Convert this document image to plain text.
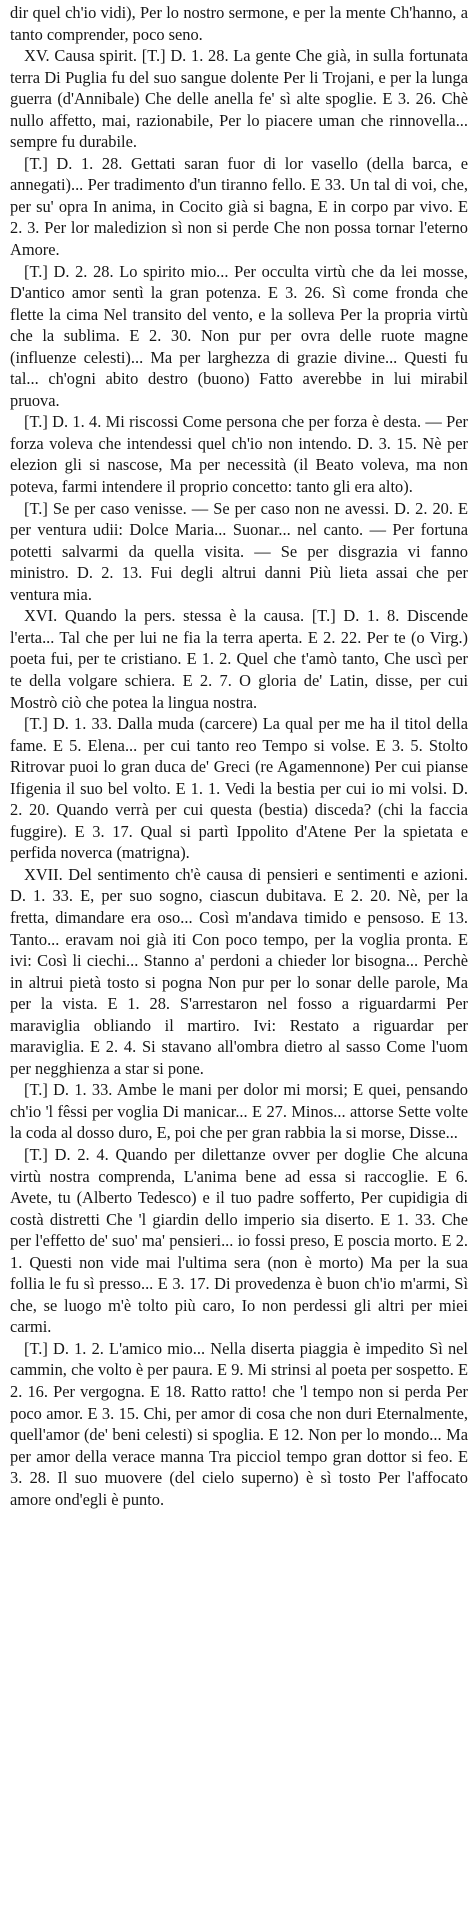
dir quel ch'io vidi), Per lo nostro sermone, e per la mente Ch'hanno, a tanto comprender, poco seno.

XV. Causa spirit. [T.] D. 1. 28. La gente Che già, in sulla fortunata terra Di Puglia fu del suo sangue dolente Per li Trojani, e per la lunga guerra (d'Annibale) Che delle anella fe' sì alte spoglie. E 3. 26. Chè nullo affetto, mai, razionabile, Per lo piacere uman che rinnovella... sempre fu durabile.

[T.] D. 1. 28. Gettati saran fuor di lor vasello (della barca, e annegati)... Per tradimento d'un tiranno fello. E 33. Un tal di voi, che, per su' opra In anima, in Cocito già si bagna, E in corpo par vivo. E 2. 3. Per lor maledizion sì non si perde Che non possa tornar l'eterno Amore.

[T.] D. 2. 28. Lo spirito mio... Per occulta virtù che da lei mosse, D'antico amor sentì la gran potenza. E 3. 26. Sì come fronda che flette la cima Nel transito del vento, e la solleva Per la propria virtù che la sublima. E 2. 30. Non pur per ovra delle ruote magne (influenze celesti)... Ma per larghezza di grazie divine... Questi fu tal... ch'ogni abito destro (buono) Fatto averebbe in lui mirabil pruova.

[T.] D. 1. 4. Mi riscossi Come persona che per forza è desta. — Per forza voleva che intendessi quel ch'io non intendo. D. 3. 15. Nè per elezion gli si nascose, Ma per necessità (il Beato voleva, ma non poteva, farmi intendere il proprio concetto: tanto gli era alto).

[T.] Se per caso venisse. — Se per caso non ne avessi. D. 2. 20. E per ventura udii: Dolce Maria... Suonar... nel canto. — Per fortuna potetti salvarmi da quella visita. — Se per disgrazia vi fanno ministro. D. 2. 13. Fui degli altrui danni Più lieta assai che per ventura mia.

XVI. Quando la pers. stessa è la causa. [T.] D. 1. 8. Discende l'erta... Tal che per lui ne fia la terra aperta. E 2. 22. Per te (o Virg.) poeta fui, per te cristiano. E 1. 2. Quel che t'amò tanto, Che uscì per te della volgare schiera. E 2. 7. O gloria de' Latin, disse, per cui Mostrò ciò che potea la lingua nostra.

[T.] D. 1. 33. Dalla muda (carcere) La qual per me ha il titol della fame. E 5. Elena... per cui tanto reo Tempo si volse. E 3. 5. Stolto Ritrovar puoi lo gran duca de' Greci (re Agamennone) Per cui pianse Ifigenia il suo bel volto. E 1. 1. Vedi la bestia per cui io mi volsi. D. 2. 20. Quando verrà per cui questa (bestia) disceda? (chi la faccia fuggire). E 3. 17. Qual si partì Ippolito d'Atene Per la spietata e perfida noverca (matrigna).

XVII. Del sentimento ch'è causa di pensieri e sentimenti e azioni. D. 1. 33. E, per suo sogno, ciascun dubitava. E 2. 20. Nè, per la fretta, dimandare era oso... Così m'andava timido e pensoso. E 13. Tanto... eravam noi già iti Con poco tempo, per la voglia pronta. E ivi: Così li ciechi... Stanno a' perdoni a chieder lor bisogna... Perchè in altrui pietà tosto si pogna Non pur per lo sonar delle parole, Ma per la vista. E 1. 28. S'arrestaron nel fosso a riguardarmi Per maraviglia obliando il martiro. Ivi: Restato a riguardar per maraviglia. E 2. 4. Si stavano all'ombra dietro al sasso Come l'uom per negghienza a star si pone.

[T.] D. 1. 33. Ambe le mani per dolor mi morsi; E quei, pensando ch'io 'l fêssi per voglia Di manicar... E 27. Minos... attorse Sette volte la coda al dosso duro, E, poi che per gran rabbia la si morse, Disse...

[T.] D. 2. 4. Quando per dilettanze ovver per doglie Che alcuna virtù nostra comprenda, L'anima bene ad essa si raccoglie. E 6. Avete, tu (Alberto Tedesco) e il tuo padre sofferto, Per cupidigia di costà distretti Che 'l giardin dello imperio sia diserto. E 1. 33. Che per l'effetto de' suo' ma' pensieri... io fossi preso, E poscia morto. E 2. 1. Questi non vide mai l'ultima sera (non è morto) Ma per la sua follia le fu sì presso... E 3. 17. Di provedenza è buon ch'io m'armi, Sì che, se luogo m'è tolto più caro, Io non perdessi gli altri per miei carmi.

[T.] D. 1. 2. L'amico mio... Nella diserta piaggia è impedito Sì nel cammin, che volto è per paura. E 9. Mi strinsi al poeta per sospetto. E 2. 16. Per vergogna. E 18. Ratto ratto! che 'l tempo non si perda Per poco amor. E 3. 15. Chi, per amor di cosa che non duri Eternalmente, quell'amor (de' beni celesti) si spoglia. E 12. Non per lo mondo... Ma per amor della verace manna Tra picciol tempo gran dottor si feo. E 3. 28. Il suo muovere (del cielo superno) è sì tosto Per l'affocato amore ond'egli è punto.
